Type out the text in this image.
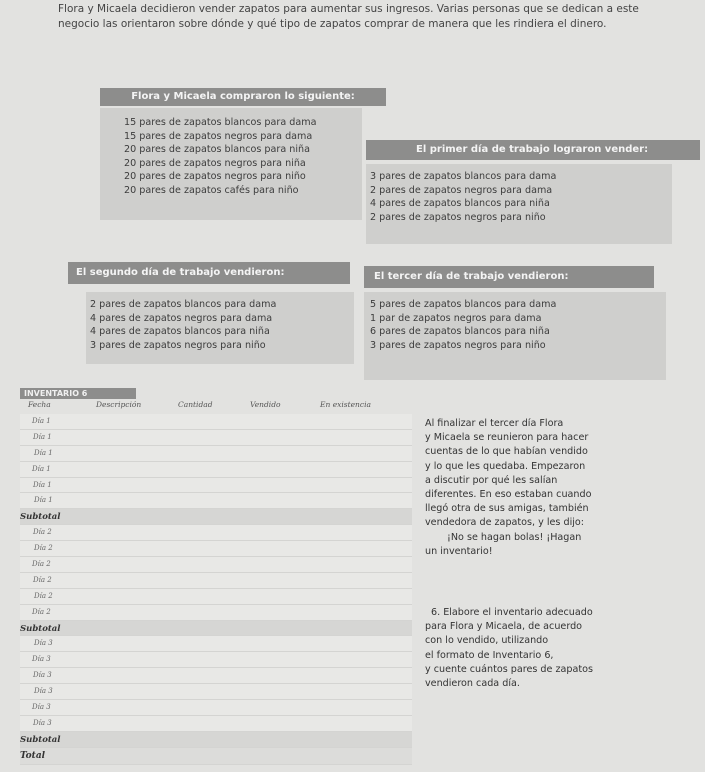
Flora y Micaela decidieron vender zapatos para aumentar sus ingresos. Varias personas que se dedican a este negocio las orientaron sobre dónde y qué tipo de zapatos comprar de manera que les rindiera el dinero.
Flora y Micaela compraron lo siguiente:
15 pares de zapatos blancos para dama
15 pares de zapatos negros para dama
20 pares de zapatos blancos para niña
20 pares de zapatos negros para niña
20 pares de zapatos negros para niño
20 pares de zapatos cafés para niño
El primer día de trabajo lograron vender:
3 pares de zapatos blancos para dama
2 pares de zapatos negros para dama
4 pares de zapatos blancos para niña
2 pares de zapatos negros para niño
El segundo día de trabajo vendieron:
2 pares de zapatos blancos para dama
4 pares de zapatos negros para dama
4 pares de zapatos blancos para niña
3 pares de zapatos negros para niño
El tercer día de trabajo vendieron:
5 pares de zapatos blancos para dama
1 par de zapatos negros para dama
6 pares de zapatos blancos para niña
3 pares de zapatos negros para niño
INVENTARIO 6
Fecha	Descripción	Cantidad	Vendido	En existencia
Día 1
Día 1
Día 1
Día 1
Día 1
Día 1
Subtotal
Día 2
Día 2
Día 2
Día 2
Día 2
Día 2
Subtotal
Día 3
Día 3
Día 3
Día 3
Día 3
Día 3
Subtotal
Total
Al finalizar el tercer día Flora
y Micaela se reunieron para hacer
cuentas de lo que habían vendido
y lo que les quedaba. Empezaron
a discutir por qué les salían
diferentes. En eso estaban cuando
llegó otra de sus amigas, también
vendedora de zapatos, y les dijo:
¡No se hagan bolas! ¡Hagan
un inventario!
6. Elabore el inventario adecuado
para Flora y Micaela, de acuerdo
con lo vendido, utilizando
el formato de Inventario 6,
y cuente cuántos pares de zapatos
vendieron cada día.
